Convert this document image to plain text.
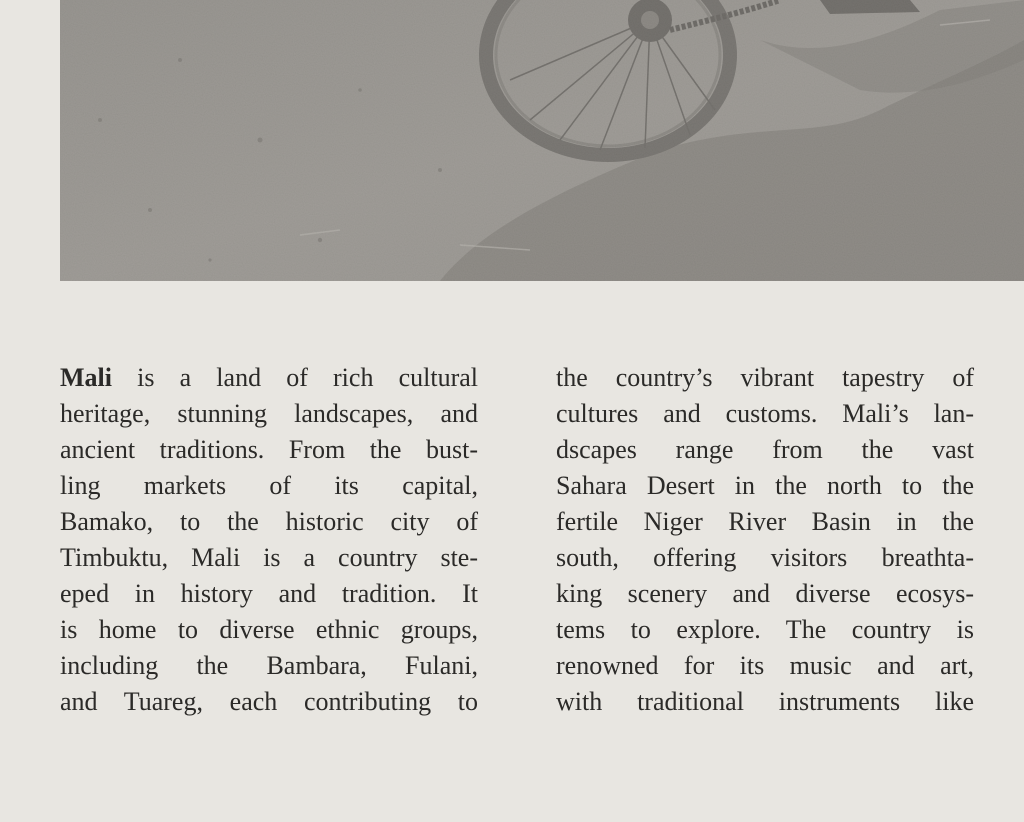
Mali is a land of rich cultural
heritage, stunning landscapes, and
ancient traditions. From the bust-
ling markets of its capital,
Bamako, to the historic city of
Timbuktu, Mali is a country ste-
eped in history and tradition. It
is home to diverse ethnic groups,
including the Bambara, Fulani,
and Tuareg, each contributing to
the country’s vibrant tapestry of
cultures and customs. Mali’s lan-
dscapes range from the vast
Sahara Desert in the north to the
fertile Niger River Basin in the
south, offering visitors breathta-
king scenery and diverse ecosys-
tems to explore. The country is
renowned for its music and art,
with traditional instruments like
